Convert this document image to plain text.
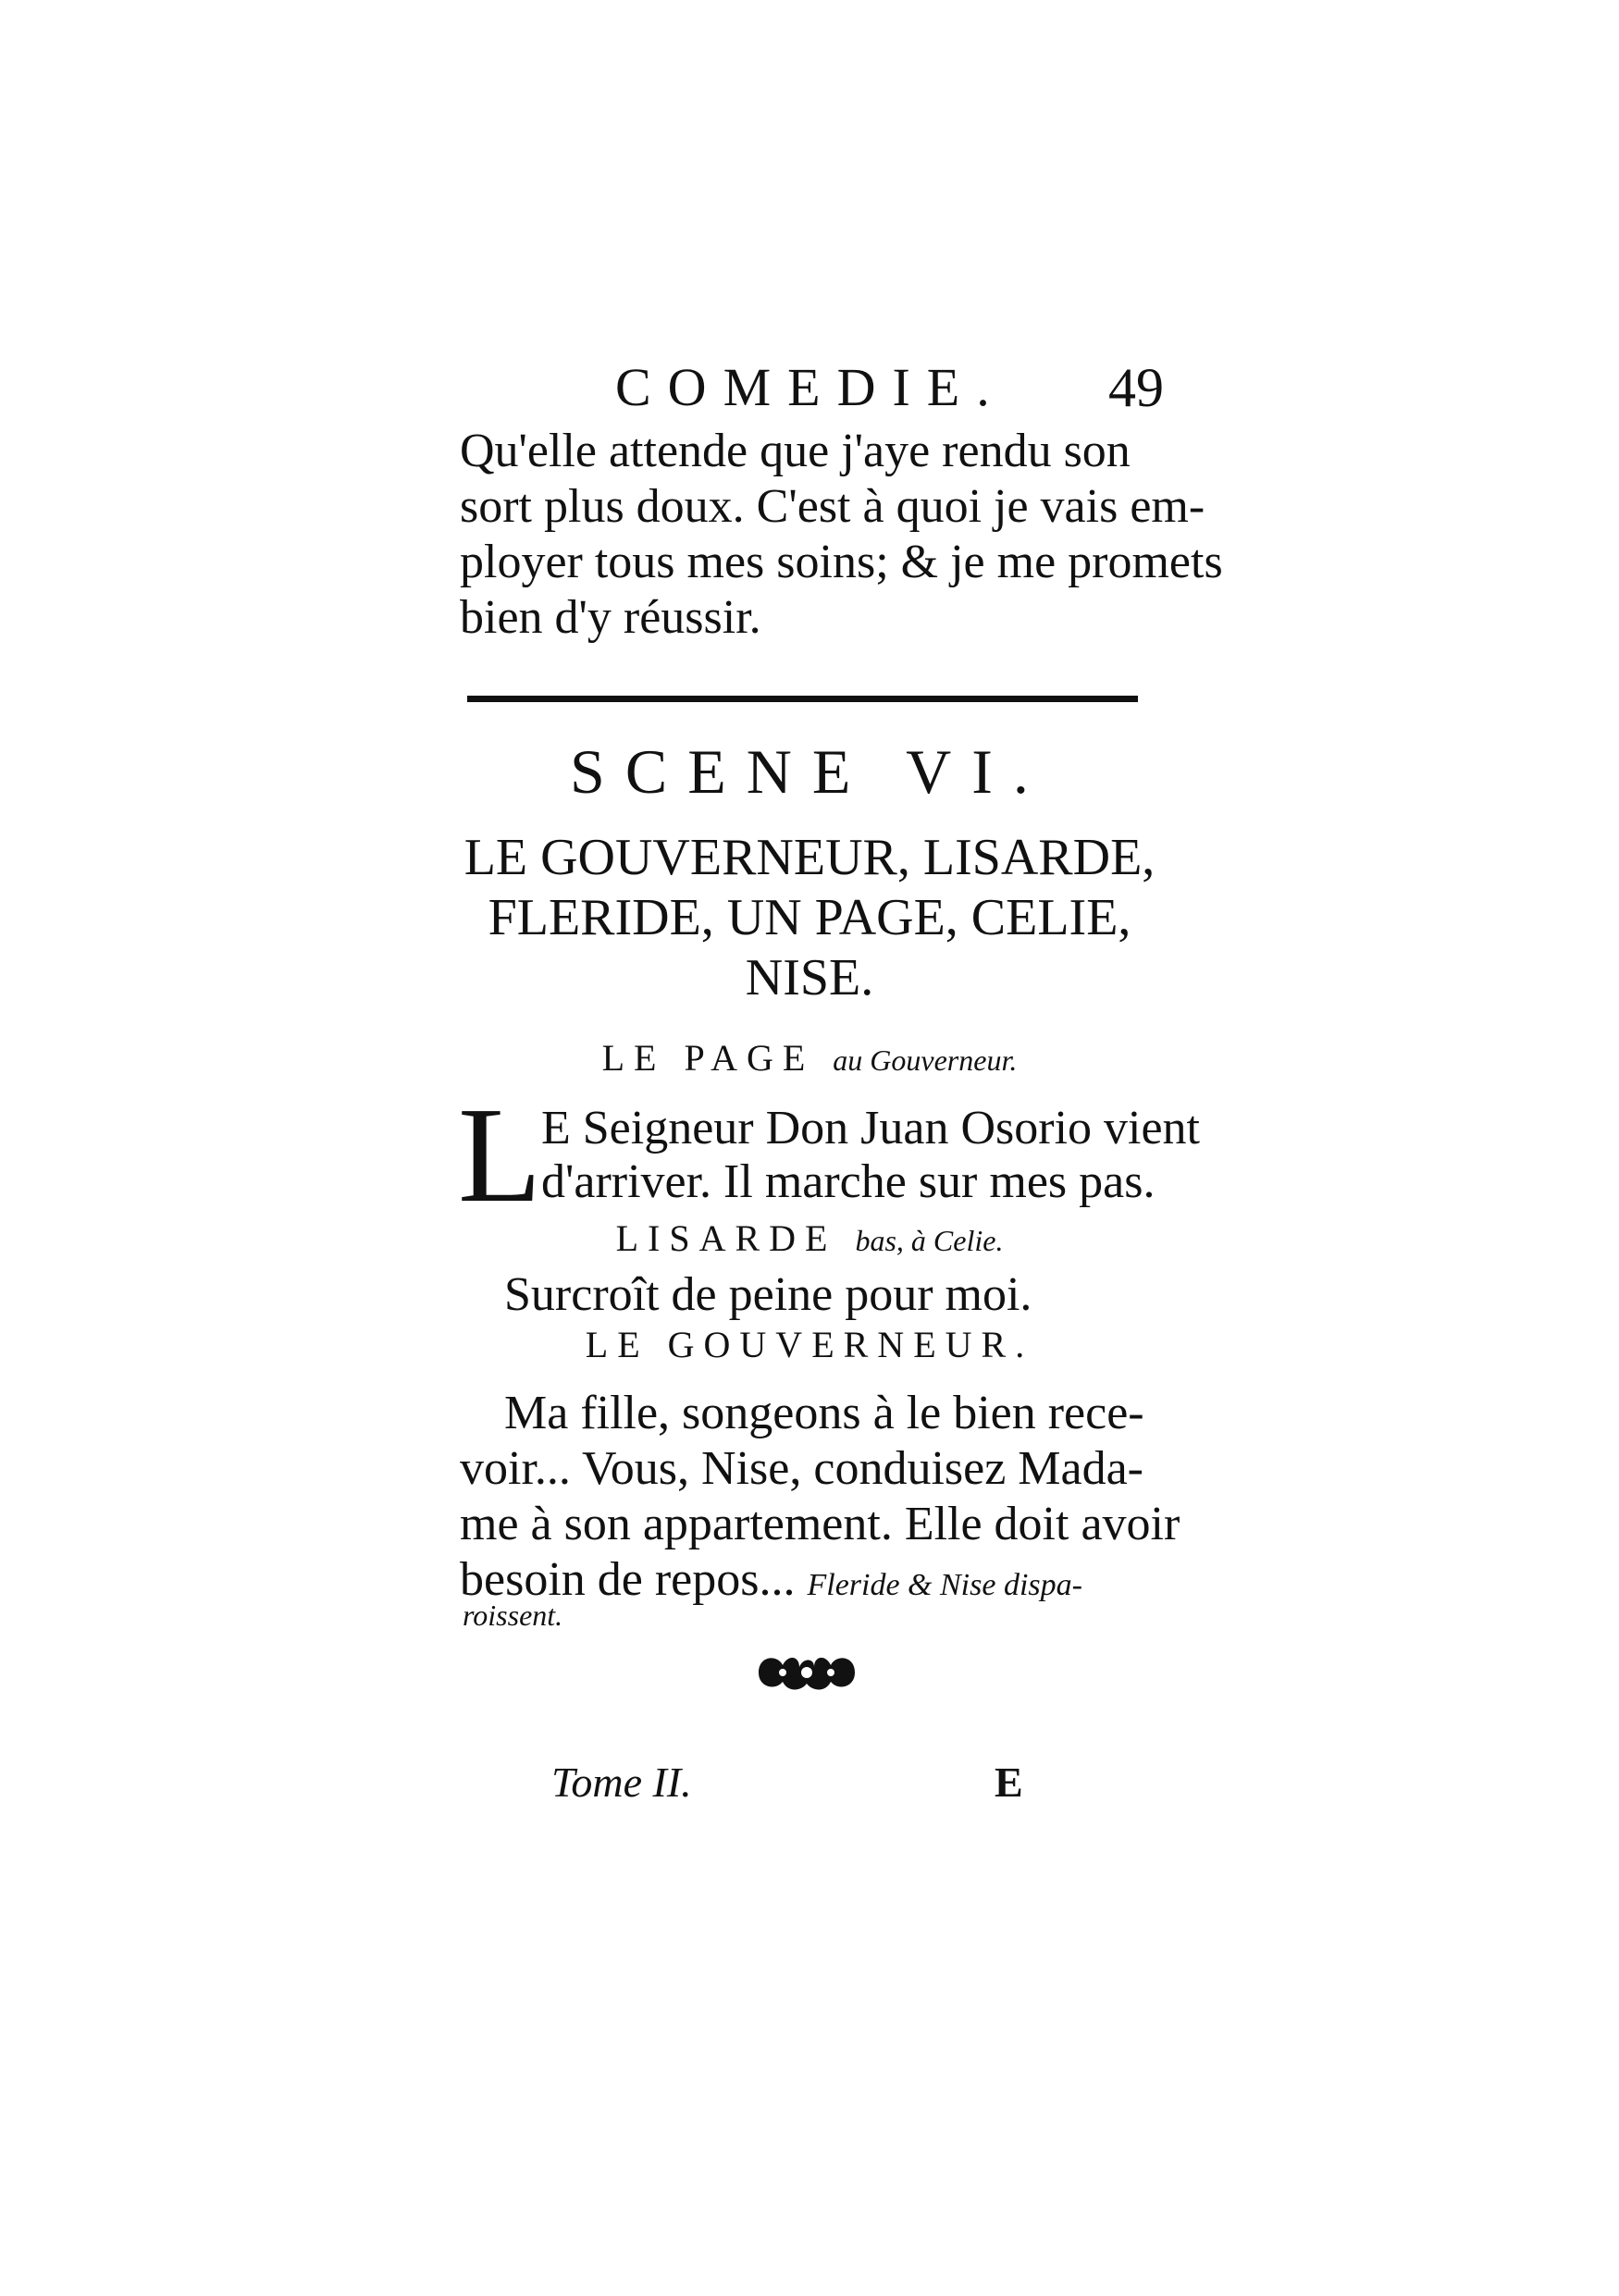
COMEDIE. 49
Qu'elle attende que j'aye rendu son
sort plus doux. C'est à quoi je vais em-
ployer tous mes soins; & je me promets
bien d'y réussir.
SCENE VI.
LE GOUVERNEUR, LISARDE,
FLERIDE, UN PAGE, CELIE,
NISE.
LE PAGE au Gouverneur.
L E Seigneur Don Juan Osorio vient
d'arriver. Il marche sur mes pas.
LISARDE bas, à Celie.
Surcroît de peine pour moi.
LE GOUVERNEUR.
Ma fille, songeons à le bien rece-
voir... Vous, Nise, conduisez Mada-
me à son appartement. Elle doit avoir
besoin de repos... Fleride & Nise dispa-
roissent.
Tome II.	E
